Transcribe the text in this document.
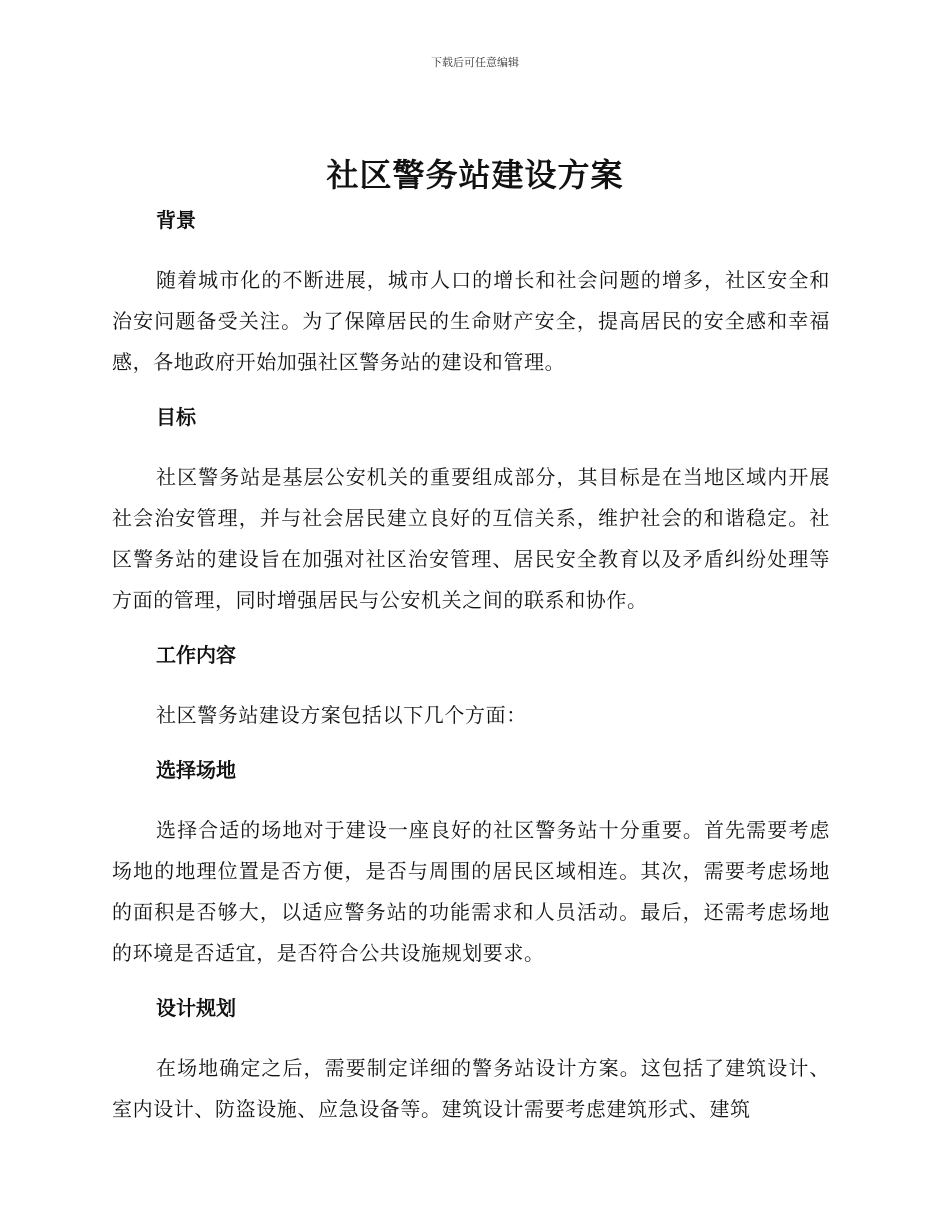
下载后可任意编辑
社区警务站建设方案
背景

随着城市化的不断进展，城市人口的增长和社会问题的增多，社区安全和治安问题备受关注。为了保障居民的生命财产安全，提高居民的安全感和幸福感，各地政府开始加强社区警务站的建设和管理。

目标

社区警务站是基层公安机关的重要组成部分，其目标是在当地区域内开展社会治安管理，并与社会居民建立良好的互信关系，维护社会的和谐稳定。社区警务站的建设旨在加强对社区治安管理、居民安全教育以及矛盾纠纷处理等方面的管理，同时增强居民与公安机关之间的联系和协作。

工作内容

社区警务站建设方案包括以下几个方面：

选择场地

选择合适的场地对于建设一座良好的社区警务站十分重要。首先需要考虑场地的地理位置是否方便，是否与周围的居民区域相连。其次，需要考虑场地的面积是否够大，以适应警务站的功能需求和人员活动。最后，还需考虑场地的环境是否适宜，是否符合公共设施规划要求。

设计规划

在场地确定之后，需要制定详细的警务站设计方案。这包括了建筑设计、室内设计、防盗设施、应急设备等。建筑设计需要考虑建筑形式、建筑
